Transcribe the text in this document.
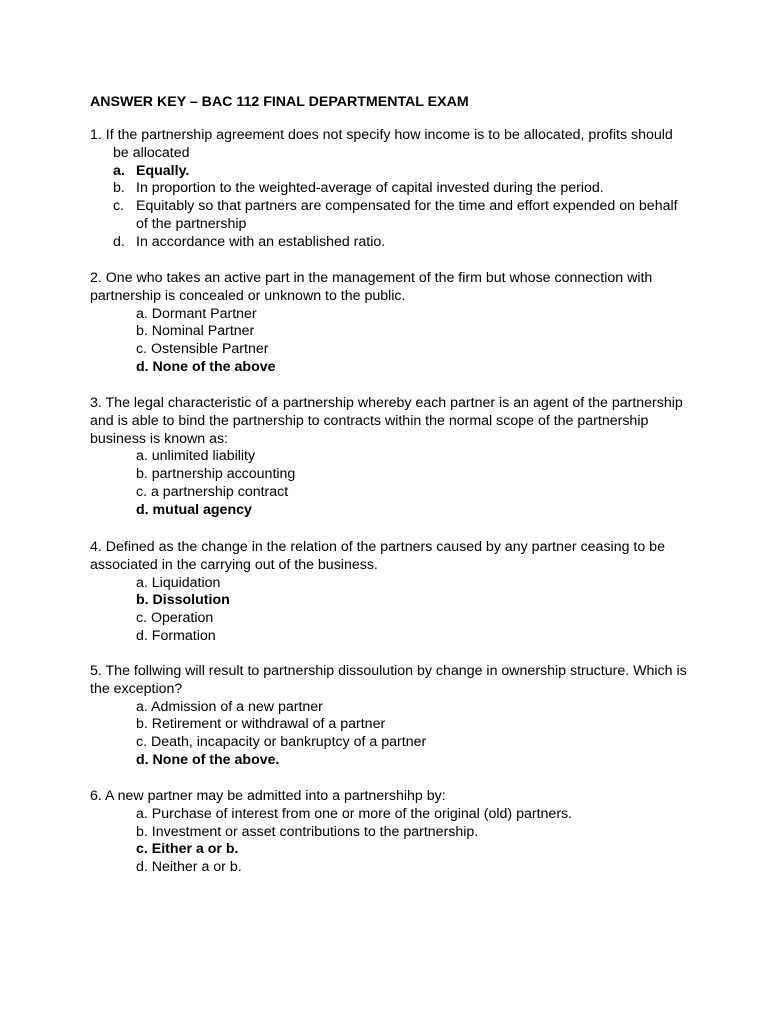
ANSWER KEY – BAC 112 FINAL DEPARTMENTAL EXAM

1. If the partnership agreement does not specify how income is to be allocated, profits should be allocated

a. Equally.
b. In proportion to the weighted-average of capital invested during the period.
c. Equitably so that partners are compensated for the time and effort expended on behalf of the partnership
d. In accordance with an established ratio.

2. One who takes an active part in the management of the firm but whose connection with partnership is concealed or unknown to the public.

a. Dormant Partner
b. Nominal Partner
c. Ostensible Partner
d. None of the above

3. The legal characteristic of a partnership whereby each partner is an agent of the partnership and is able to bind the partnership to contracts within the normal scope of the partnership business is known as:

a. unlimited liability
b. partnership accounting
c. a partnership contract
d. mutual agency

4. Defined as the change in the relation of the partners caused by any partner ceasing to be associated in the carrying out of the business.

a. Liquidation
b. Dissolution
c. Operation
d. Formation

5. The follwing will result to partnership dissoulution by change in ownership structure. Which is the exception?

a. Admission of a new partner
b. Retirement or withdrawal of a partner
c. Death, incapacity or bankruptcy of a partner
d. None of the above.

6. A new partner may be admitted into a partnershihp by:

a. Purchase of interest from one or more of the original (old) partners.
b. Investment or asset contributions to the partnership.
c. Either a or b.
d. Neither a or b.
